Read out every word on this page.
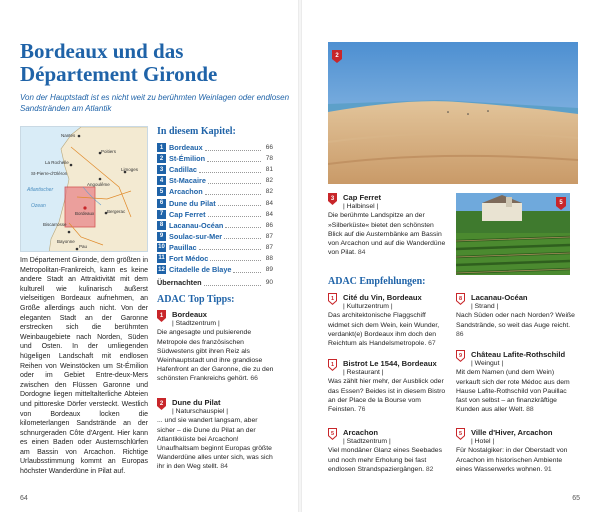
Bordeaux und das
Département Gironde

Von der Hauptstadt ist es nicht weit zu berühmten Weinlagen oder endlosen Sandstränden am Atlantik

Nantes
Poitiers
La Rochelle
St-Pierre-d'Oléron
Angoulême
Limoges
Atlantischer
Ozean
Bordeaux
Biscarrosse
Bergerac
Bayonne
Pau

Im Département Gironde, dem größten in Metropolitan-Frankreich, kann es keine andere Stadt an Attraktivität mit dem kulturell wie kulinarisch äußerst vielseitigen Bordeaux aufnehmen, an Größe allerdings auch nicht. Von der eleganten Stadt an der Garonne erstrecken sich die berühmten Weinbaugebiete nach Norden, Süden und Osten. In der umliegenden hügeligen Landschaft mit endlosen Reihen von Weinstöcken um St-Émilion oder im Gebiet Entre-deux-Mers zwischen den Flüssen Garonne und Dordogne liegen mitteltalterliche Abteien und pittoreske Dörfer versteckt. Westlich von Bordeaux locken die kilometerlangen Sandstrände an der schnurgeraden Côte d'Argent. Hier kann es einen Baden oder Austernschlürfen am Bassin von Arcachon. Richtige Urlaubsstimmung kommt an Europas höchster Wanderdüne in Pilat auf.

In diesem Kapitel:
1 Bordeaux	66
2 St-Émilion	78
3 Cadillac	81
4 St-Macaire	82
5 Arcachon	82
6 Dune du Pilat	84
7 Cap Ferret	84
8 Lacanau-Océan	86
9 Soulac-sur-Mer	87
10 Pauillac	87
11 Fort Médoc	88
12 Citadelle de Blaye	89
Übernachten	90
ADAC Top Tipps:
1 Bordeaux
| Stadtzentrum |
Die angesagte und pulsierende Metropole des französischen Südwestens gibt ihren Reiz als Weinhauptstadt und ihre grandiose Hafenfront an der Garonne, die zu den schönsten Frankreichs gehört. 66
2 Dune du Pilat
| Naturschauspiel |
... und sie wandert langsam, aber sicher – die Dune du Pilat an der Atlantikküste bei Arcachon! Unaufhaltsam beginnt Europas größte Wanderdüne alles unter sich, was sich ihr in den Weg stellt. 84
64
2
3 Cap Ferret
| Halbinsel |
Die berühmte Landspitze an der »Silberküste« bietet den schönsten Blick auf die Austernbänke am Bassin von Arcachon und auf die Wanderdüne von Pilat. 84
5
ADAC Empfehlungen:
1 Cité du Vin, Bordeaux
| Kulturzentrum |
Das architektonische Flaggschiff widmet sich dem Wein, kein Wunder, verdankt(e) Bordeaux ihm doch den Reichtum als Handelsmetropole. 67
1 Bistrot Le 1544, Bordeaux
| Restaurant |
Was zählt hier mehr, der Ausblick oder das Essen? Beides ist in diesem Bistro an der Place de la Bourse vom Feinsten. 76
5 Arcachon
| Stadtzentrum |
Viel mondäner Glanz eines Seebades und noch mehr Erholung bei fast endlosen Strandspaziergängen. 82
8 Lacanau-Océan
| Strand |
Nach Süden oder nach Norden? Weiße Sandstrände, so weit das Auge reicht. 86
9 Château Lafite-Rothschild
| Weingut |
Mit dem Namen (und dem Wein) verkauft sich der rote Médoc aus dem Hause Lafite-Rothschild von Pauillac fast von selbst – an finanzkräftige Kunden aus aller Welt. 88
5 Ville d'Hiver, Arcachon
| Hotel |
Für Nostalgiker: in der Oberstadt von Arcachon im historischen Ambiente eines Wasserwerks wohnen. 91
65
